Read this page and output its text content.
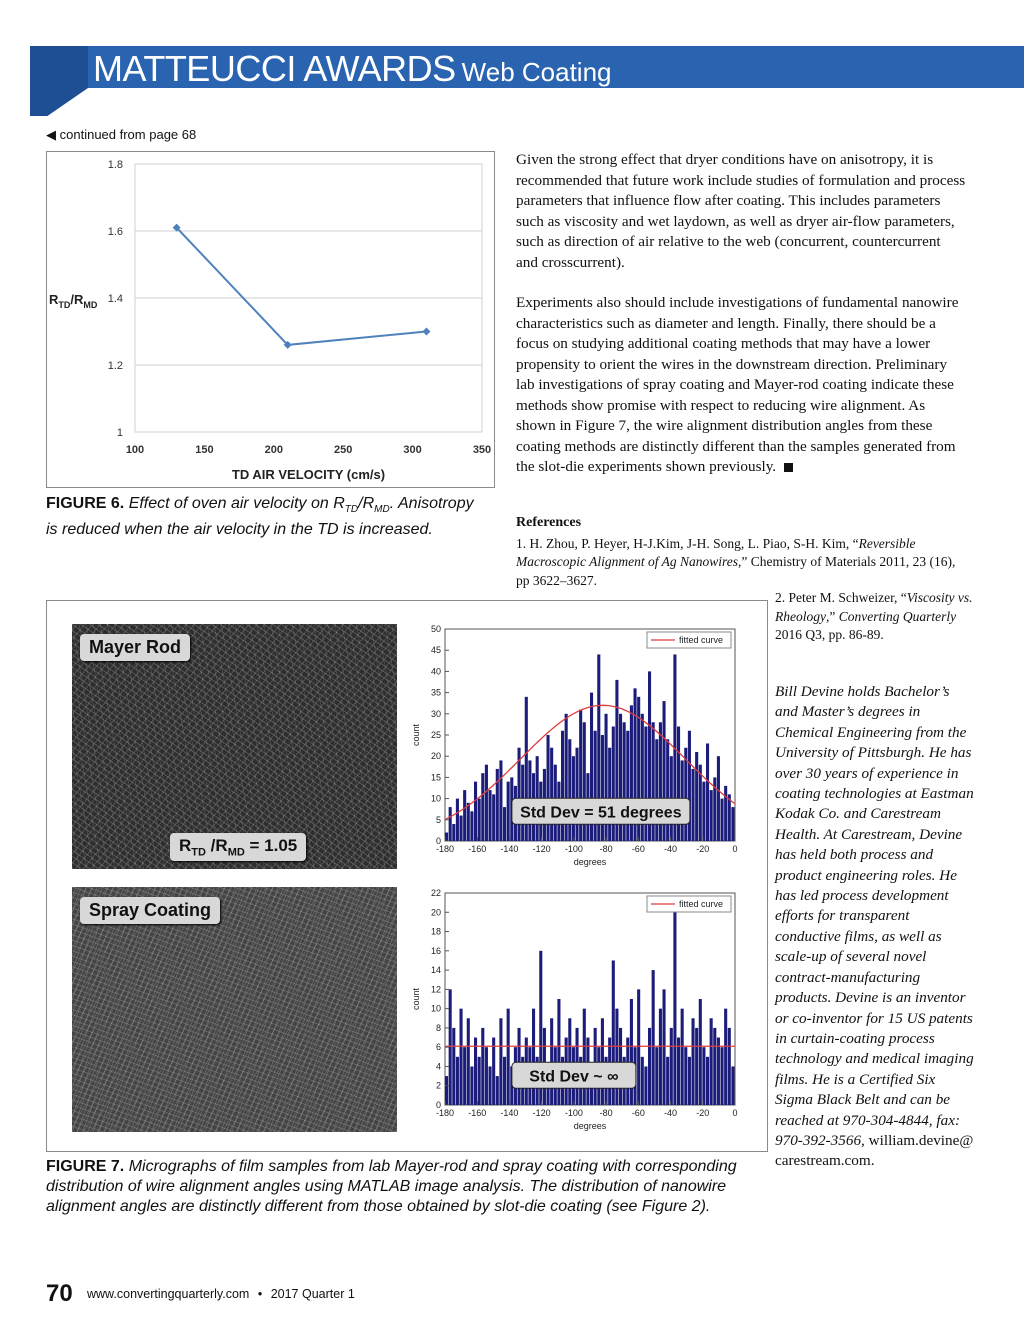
MATTEUCCI AWARDS Web Coating
◀ continued from page 68
1
1.2
1.4
1.6
1.8
100	150	200	250	300	350
TD AIR VELOCITY (cm/s)
$R_{TD}/R_{MD}$
FIGURE 6. Effect of oven air velocity on $R_{TD}/R_{MD}$. Anisotropy is reduced when the air velocity in the TD is increased.

Given the strong effect that dryer conditions have on anisotropy, it is recommended that future work include studies of formulation and process parameters that influence flow after coating. This includes parameters such as viscosity and wet laydown, as well as dryer air-flow parameters, such as direction of air relative to the web (concurrent, countercurrent and crosscurrent).

Experiments also should include investigations of fundamental nanowire characteristics such as diameter and length. Finally, there should be a focus on studying additional coating methods that may have a lower propensity to orient the wires in the downstream direction. Preliminary lab investigations of spray coating and Mayer-rod coating indicate these methods show promise with respect to reducing wire alignment. As shown in Figure 7, the wire alignment distribution angles from these coating methods are distinctly different than the samples generated from the slot-die experiments shown previously.

References
1. H. Zhou, P. Heyer, H-J.Kim, J-H. Song, L. Piao, S-H. Kim, “Reversible Macroscopic Alignment of Ag Nanowires,” Chemistry of Materials 2011, 23 (16), pp 3622–3627.
2. Peter M. Schweizer, “Viscosity vs. Rheology,” Converting Quarterly 2016 Q3, pp. 86-89.
Bill Devine holds Bachelor’s and Master’s degrees in Chemical Engineering from the University of Pittsburgh. He has over 30 years of experience in coating technologies at Eastman Kodak Co. and Carestream Health. At Carestream, Devine has held both process and product engineering roles. He has led process development efforts for transparent conductive films, as well as scale-up of several novel contract-manufacturing products. Devine is an inventor or co-inventor for 15 US patents in curtain-coating process technology and medical imaging films. He is a Certified Six Sigma Black Belt and can be reached at 970-304-4844, fax: 970-392-3566, william.devine@ carestream.com.
Mayer Rod
$R_{TD}$ $/R_{MD} = 1.05$
Spray Coating
0
5
10
15
20
25
30
35
40
45
50
-180 -160 -140 -120 -100 -80 -60 -40 -20	0
degrees
count
fitted curve
Std Dev = 51 degrees
0
2
4
6
8
10
12
14
16
18
20
22
-180 -160 -140 -120 -100 -80 -60 -40 -20	0
degrees
count
fitted curve
Std Dev ~ ∞
FIGURE 7. Micrographs of film samples from lab Mayer-rod and spray coating with corresponding distribution of wire alignment angles using MATLAB image analysis. The distribution of nanowire alignment angles are distinctly different from those obtained by slot-die coating (see Figure 2).
70 www.convertingquarterly.com • 2017 Quarter 1
